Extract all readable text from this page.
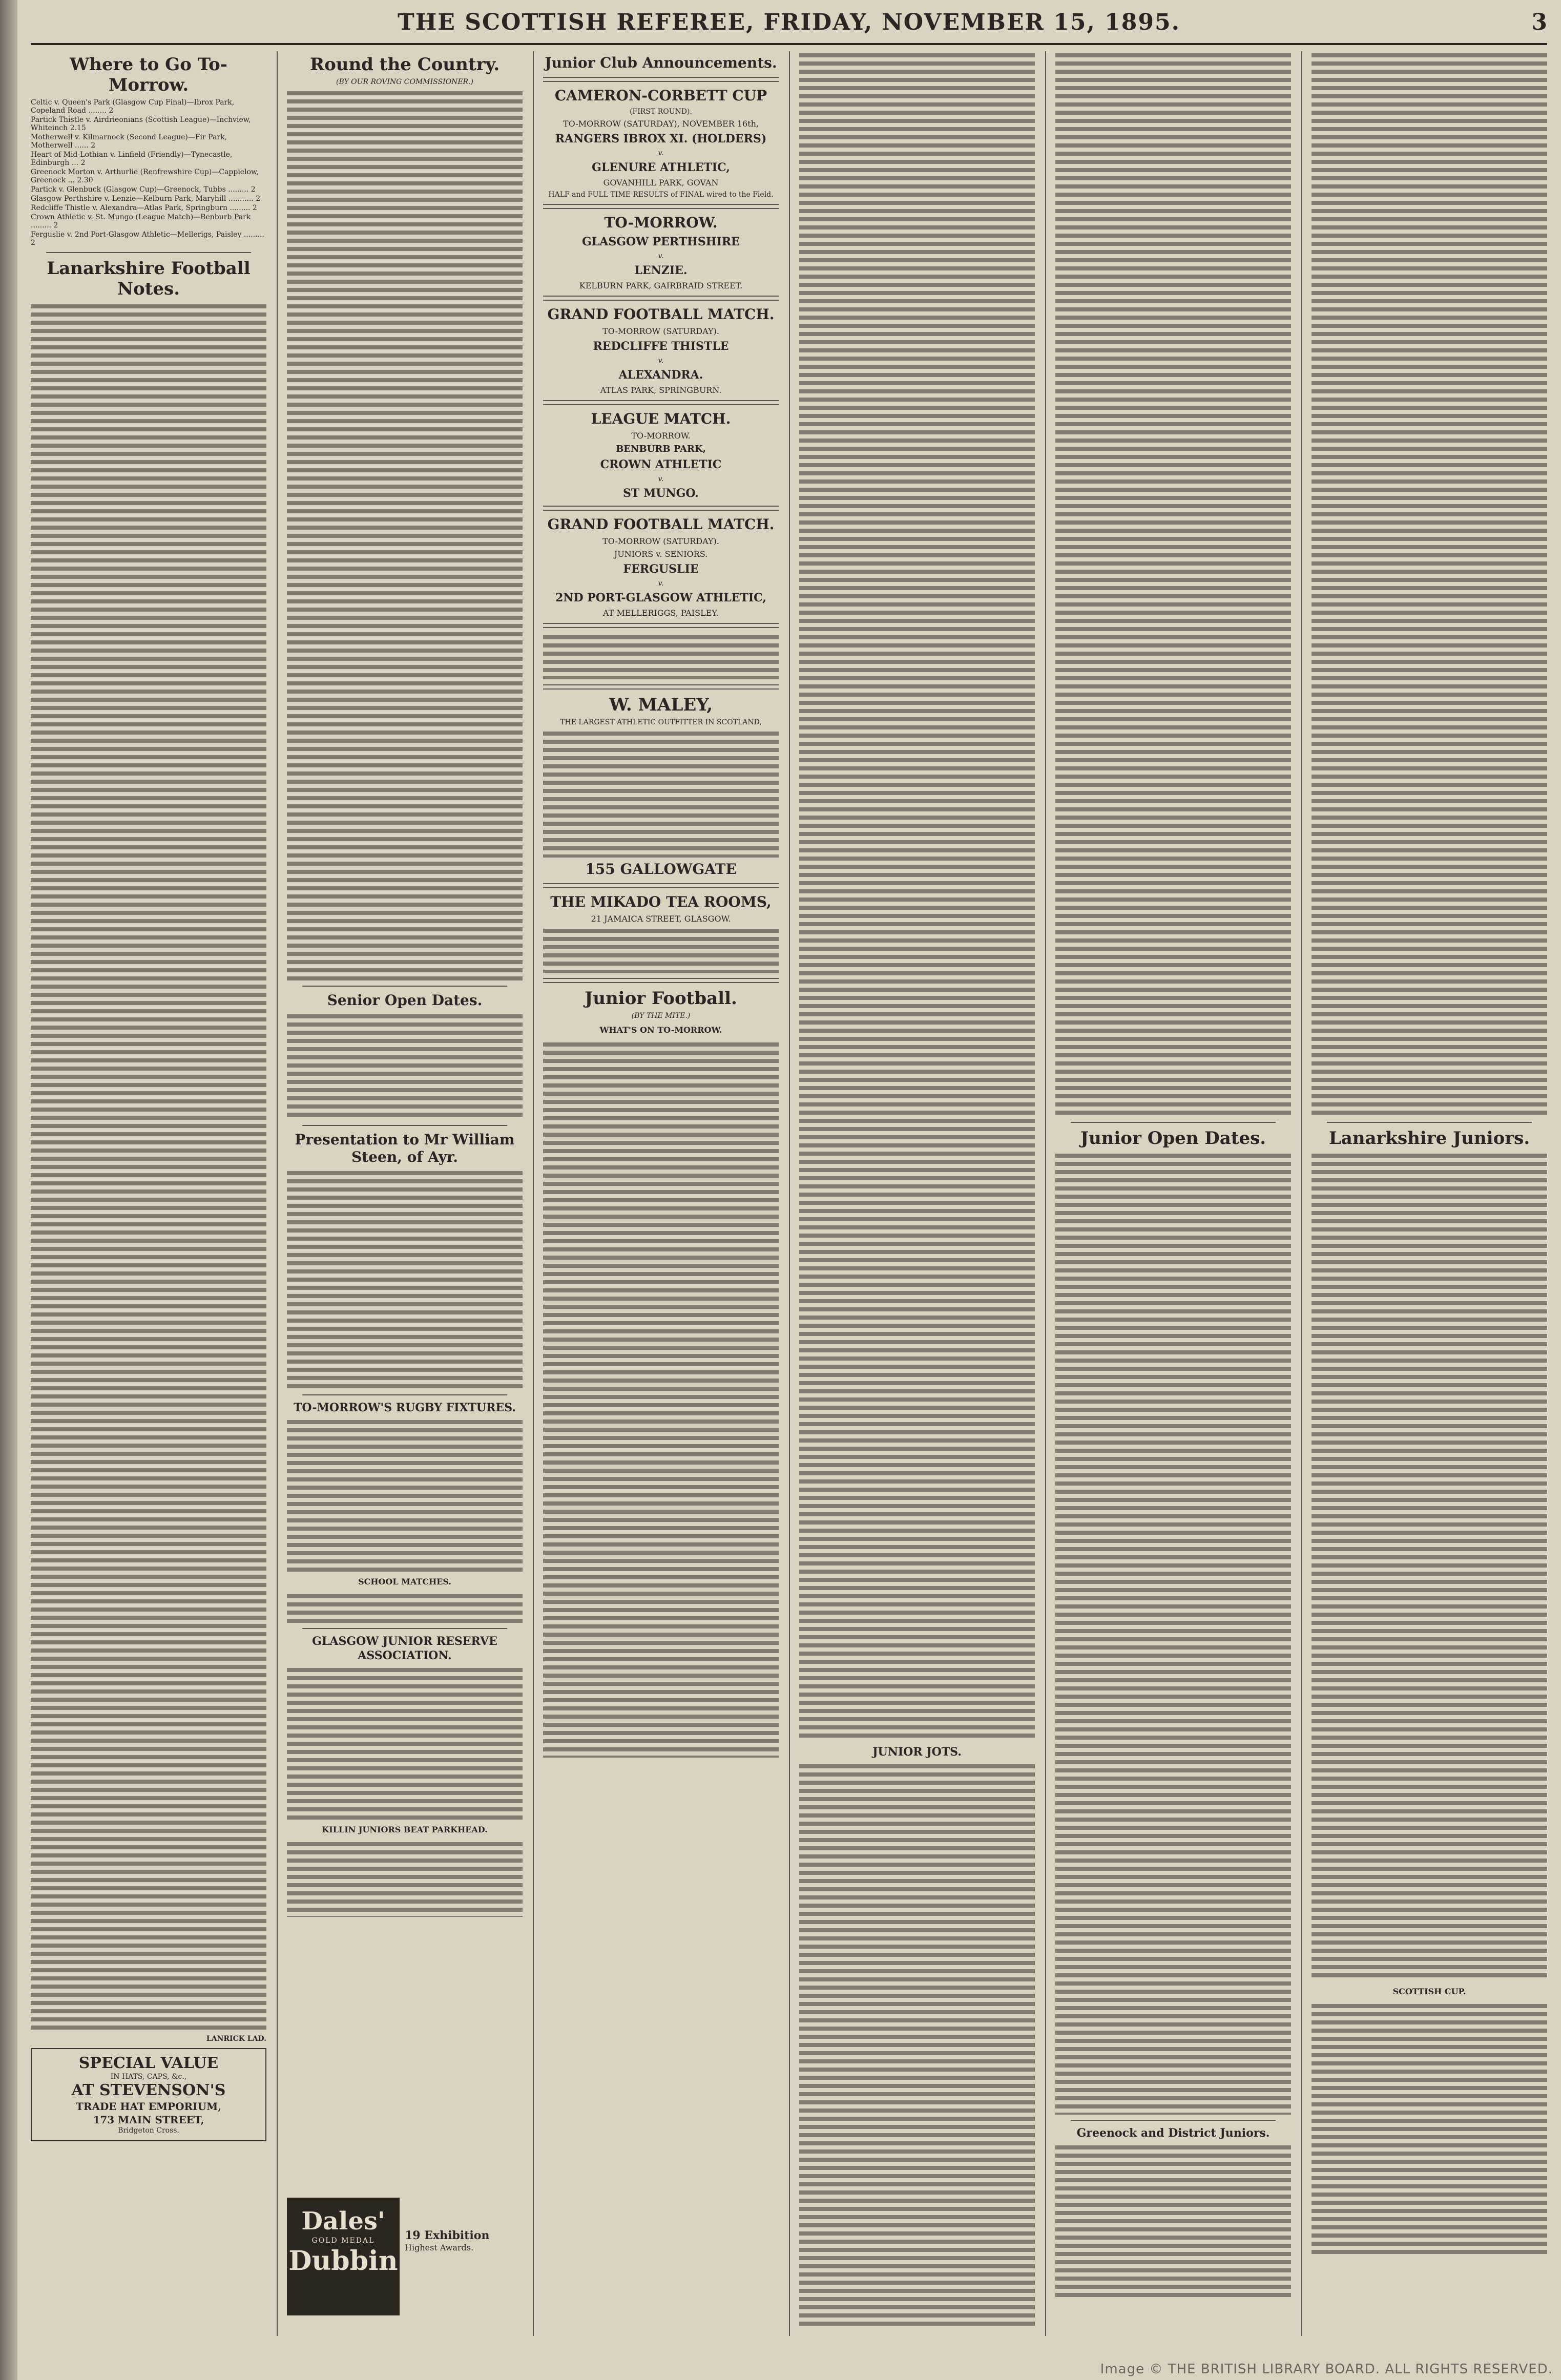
THE SCOTTISH REFEREE, FRIDAY, NOVEMBER 15, 1895.	3
Where to Go To-Morrow.
Celtic v. Queen's Park (Glasgow Cup Final)—Ibrox Park, Copeland Road ........ 2
Partick Thistle v. Airdrieonians (Scottish League)—Inchview, Whiteinch 2.15
Motherwell v. Kilmarnock (Second League)—Fir Park, Motherwell ...... 2
Heart of Mid-Lothian v. Linfield (Friendly)—Tynecastle, Edinburgh ... 2
Greenock Morton v. Arthurlie (Renfrewshire Cup)—Cappielow, Greenock ... 2.30
Partick v. Glenbuck (Glasgow Cup)—Greenock, Tubbs ......... 2
Glasgow Perthshire v. Lenzie—Kelburn Park, Maryhill ........... 2
Redcliffe Thistle v. Alexandra—Atlas Park, Springburn ......... 2
Crown Athletic v. St. Mungo (League Match)—Benburb Park ......... 2
Ferguslie v. 2nd Port-Glasgow Athletic—Mellerigs, Paisley ......... 2
Lanarkshire Football Notes.
LANRICK LAD.
SPECIAL VALUE
IN HATS, CAPS, &c.,
AT STEVENSON'S
TRADE HAT EMPORIUM,
173 MAIN STREET,
Bridgeton Cross.
Round the Country.
(BY OUR ROVING COMMISSIONER.)
Senior Open Dates.
Presentation to Mr William Steen, of Ayr.
TO-MORROW'S RUGBY FIXTURES.
SCHOOL MATCHES.
GLASGOW JUNIOR RESERVE ASSOCIATION.
KILLIN JUNIORS BEAT PARKHEAD.
Dales'
GOLD MEDAL
Dubbin
19 Exhibition
Highest Awards.
Junior Club Announcements.
CAMERON-CORBETT CUP
(FIRST ROUND).
TO-MORROW (SATURDAY), NOVEMBER 16th,
RANGERS IBROX XI. (HOLDERS)
v.
GLENURE ATHLETIC,
GOVANHILL PARK, GOVAN
HALF and FULL TIME RESULTS of FINAL wired to the Field.
TO-MORROW.
GLASGOW PERTHSHIRE
v.
LENZIE.
KELBURN PARK, GAIRBRAID STREET.
GRAND FOOTBALL MATCH.
TO-MORROW (SATURDAY).
REDCLIFFE THISTLE
v.
ALEXANDRA.
ATLAS PARK, SPRINGBURN.
LEAGUE MATCH.
TO-MORROW.
BENBURB PARK,
CROWN ATHLETIC
v.
ST MUNGO.
GRAND FOOTBALL MATCH.
TO-MORROW (SATURDAY).
JUNIORS v. SENIORS.
FERGUSLIE
v.
2ND PORT-GLASGOW ATHLETIC,
AT MELLERIGGS, PAISLEY.
W. MALEY,
THE LARGEST ATHLETIC OUTFITTER IN SCOTLAND,
155 GALLOWGATE
THE MIKADO TEA ROOMS,
21 JAMAICA STREET, GLASGOW.
Junior Football.
(BY THE MITE.)
WHAT'S ON TO-MORROW.
JUNIOR JOTS.
Junior Open Dates.
Greenock and District Juniors.
Lanarkshire Juniors.
SCOTTISH CUP.
Image © THE BRITISH LIBRARY BOARD. ALL RIGHTS RESERVED.
